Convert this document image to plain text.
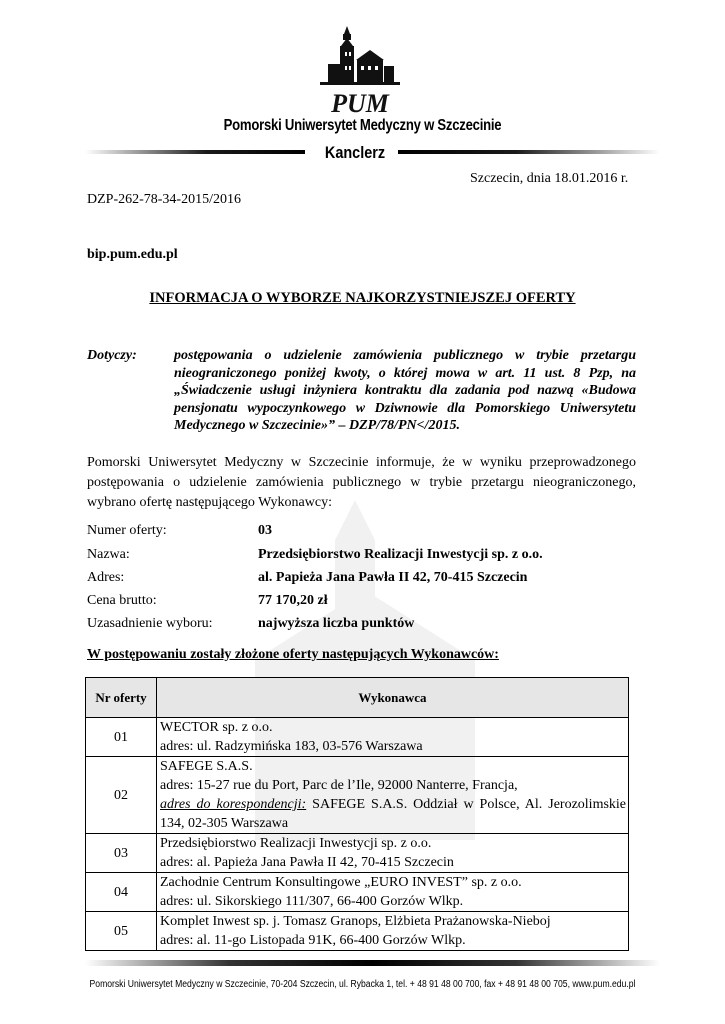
PUM
Pomorski Uniwersytet Medyczny w Szczecinie
Kanclerz
Szczecin, dnia 18.01.2016 r.
DZP-262-78-34-2015/2016
bip.pum.edu.pl
INFORMACJA O WYBORZE NAJKORZYSTNIEJSZEJ OFERTY
Dotyczy:	postępowania o udzielenie zamówienia publicznego w trybie przetargu nieograniczonego poniżej kwoty, o której mowa w art. 11 ust. 8 Pzp, na „Świadczenie usługi inżyniera kontraktu dla zadania pod nazwą «Budowa pensjonatu wypoczynkowego w Dziwnowie dla Pomorskiego Uniwersytetu Medycznego w Szczecinie»” – DZP/78/PN</2015.
Pomorski Uniwersytet Medyczny w Szczecinie informuje, że w wyniku przeprowadzonego postępowania o udzielenie zamówienia publicznego w trybie przetargu nieograniczonego, wybrano ofertę następującego Wykonawcy:
Numer oferty:	03
Nazwa:	Przedsiębiorstwo Realizacji Inwestycji sp. z o.o.
Adres:	al. Papieża Jana Pawła II 42, 70-415 Szczecin
Cena brutto:	77 170,20 zł
Uzasadnienie wyboru:	najwyższa liczba punktów
W postępowaniu zostały złożone oferty następujących Wykonawców:
Nr oferty	Wykonawca
01	WECTOR sp. z o.o.
adres: ul. Radzymińska 183, 03-576 Warszawa

02	SAFEGE S.A.S.
adres: 15-27 rue du Port, Parc de l’Ile, 92000 Nanterre, Francja,
adres do korespondencji: SAFEGE S.A.S. Oddział w Polsce, Al. Jerozolimskie 134, 02-305 Warszawa

03	Przedsiębiorstwo Realizacji Inwestycji sp. z o.o.
adres: al. Papieża Jana Pawła II 42, 70-415 Szczecin

04	Zachodnie Centrum Konsultingowe „EURO INVEST” sp. z o.o.
adres: ul. Sikorskiego 111/307, 66-400 Gorzów Wlkp.

05	Komplet Inwest sp. j. Tomasz Granops, Elżbieta Prażanowska-Nieboj
adres: al. 11-go Listopada 91K, 66-400 Gorzów Wlkp.
Pomorski Uniwersytet Medyczny w Szczecinie, 70-204 Szczecin, ul. Rybacka 1, tel. + 48 91 48 00 700, fax + 48 91 48 00 705, www.pum.edu.pl
